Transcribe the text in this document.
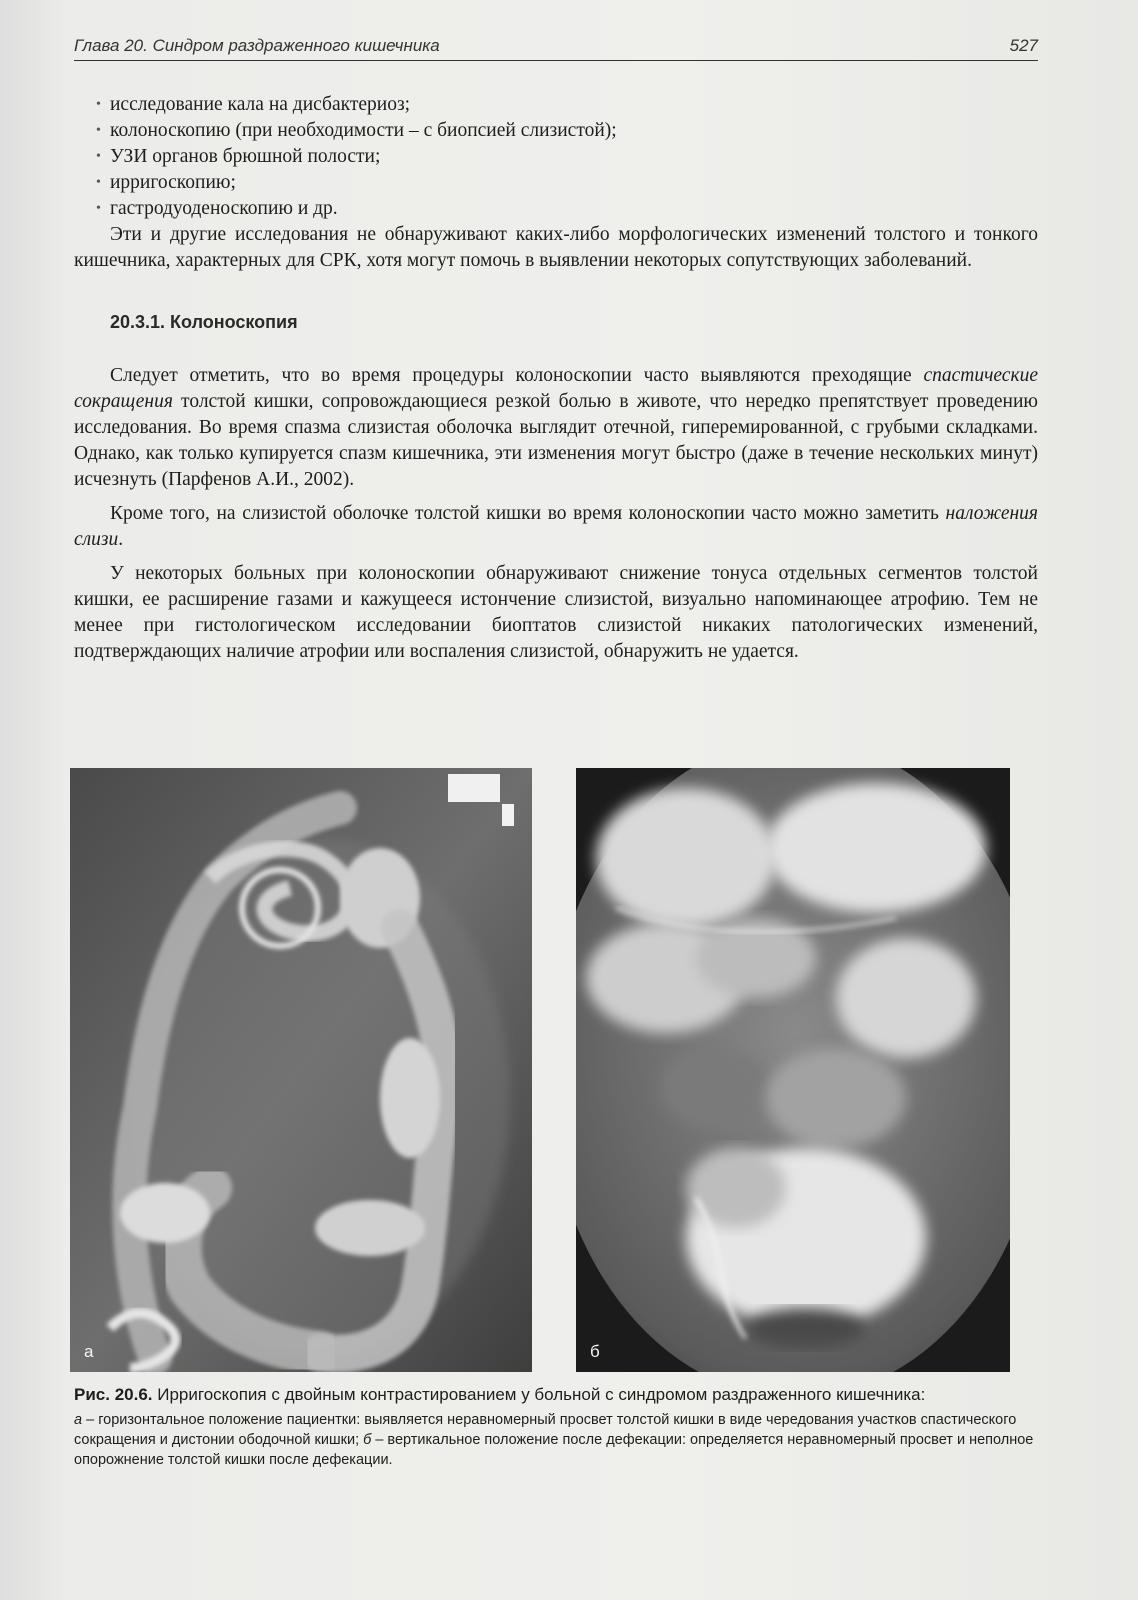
Глава 20. Синдром раздраженного кишечника	527
• исследование кала на дисбактериоз;
• колоноскопию (при необходимости – с биопсией слизистой);
• УЗИ органов брюшной полости;
• ирригоскопию;
• гастродуоденоскопию и др.

Эти и другие исследования не обнаруживают каких-либо морфологических изменений толстого и тонкого кишечника, характерных для СРК, хотя могут помочь в выявлении некоторых сопутствующих заболеваний.

20.3.1. Колоноскопия

Следует отметить, что во время процедуры колоноскопии часто выявляются преходящие спастические сокращения толстой кишки, сопровождающиеся резкой болью в животе, что нередко препятствует проведению исследования. Во время спазма слизистая оболочка выглядит отечной, гиперемированной, с грубыми складками. Однако, как только купируется спазм кишечника, эти изменения могут быстро (даже в течение нескольких минут) исчезнуть (Парфенов А.И., 2002).

Кроме того, на слизистой оболочке толстой кишки во время колоноскопии часто можно заметить наложения слизи.

У некоторых больных при колоноскопии обнаруживают снижение тонуса отдельных сегментов толстой кишки, ее расширение газами и кажущееся истончение слизистой, визуально напоминающее атрофию. Тем не менее при гистологическом исследовании биоптатов слизистой никаких патологических изменений, подтверждающих наличие атрофии или воспаления слизистой, обнаружить не удается.

а	б

Рис. 20.6. Ирригоскопия с двойным контрастированием у больной с синдромом раздраженного кишечника:

а – горизонтальное положение пациентки: выявляется неравномерный просвет толстой кишки в виде чередования участков спастического сокращения и дистонии ободочной кишки; б – вертикальное положение после дефекации: определяется неравномерный просвет и неполное опорожнение толстой кишки после дефекации.
